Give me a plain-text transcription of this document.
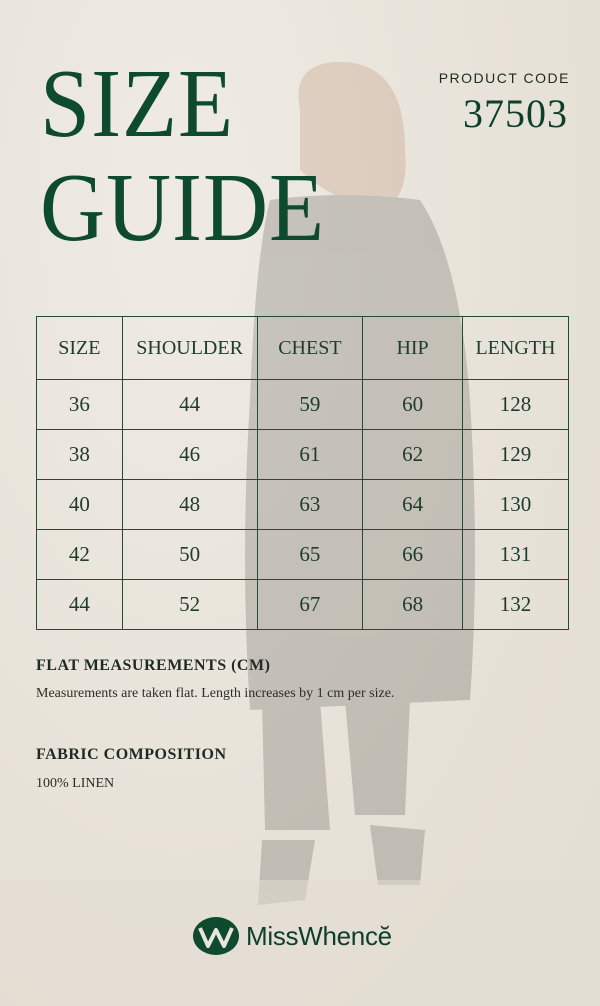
SIZE
GUIDE
PRODUCT CODE
37503
SIZE	SHOULDER	CHEST	HIP	LENGTH
36	44	59	60	128
38	46	61	62	129
40	48	63	64	130
42	50	65	66	131
44	52	67	68	132
FLAT MEASUREMENTS (CM)
Measurements are taken flat. Length increases by 1 cm per size.
FABRIC COMPOSITION
100% LINEN
MissWhencĕ
